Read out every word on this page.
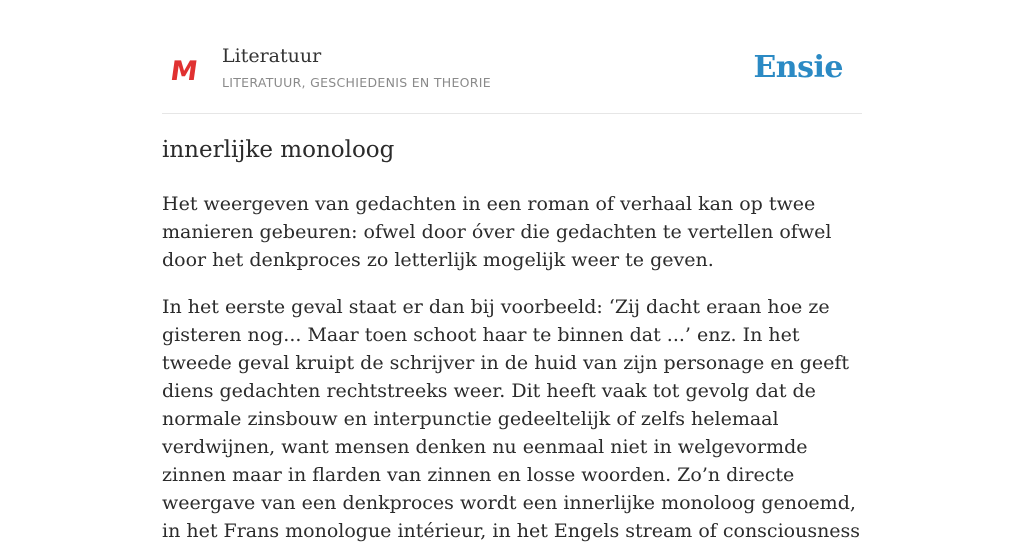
M
Literatuur
LITERATUUR, GESCHIEDENIS EN THEORIE	Ensie
innerlijke monoloog

Het weergeven van gedachten in een roman of verhaal kan op twee manieren gebeuren: ofwel door óver die gedachten te vertellen ofwel door het denkproces zo letterlijk mogelijk weer te geven.

In het eerste geval staat er dan bij voorbeeld: ‘Zij dacht eraan hoe ze gisteren nog... Maar toen schoot haar te binnen dat ...’ enz. In het tweede geval kruipt de schrijver in de huid van zijn personage en geeft diens gedachten rechtstreeks weer. Dit heeft vaak tot gevolg dat de normale zinsbouw en interpunctie gedeeltelijk of zelfs helemaal verdwijnen, want mensen denken nu eenmaal niet in welgevormde zinnen maar in flarden van zinnen en losse woorden. Zo’n directe weergave van een denkproces wordt een innerlijke monoloog genoemd, in het Frans monologue intérieur, in het Engels stream of consciousness
